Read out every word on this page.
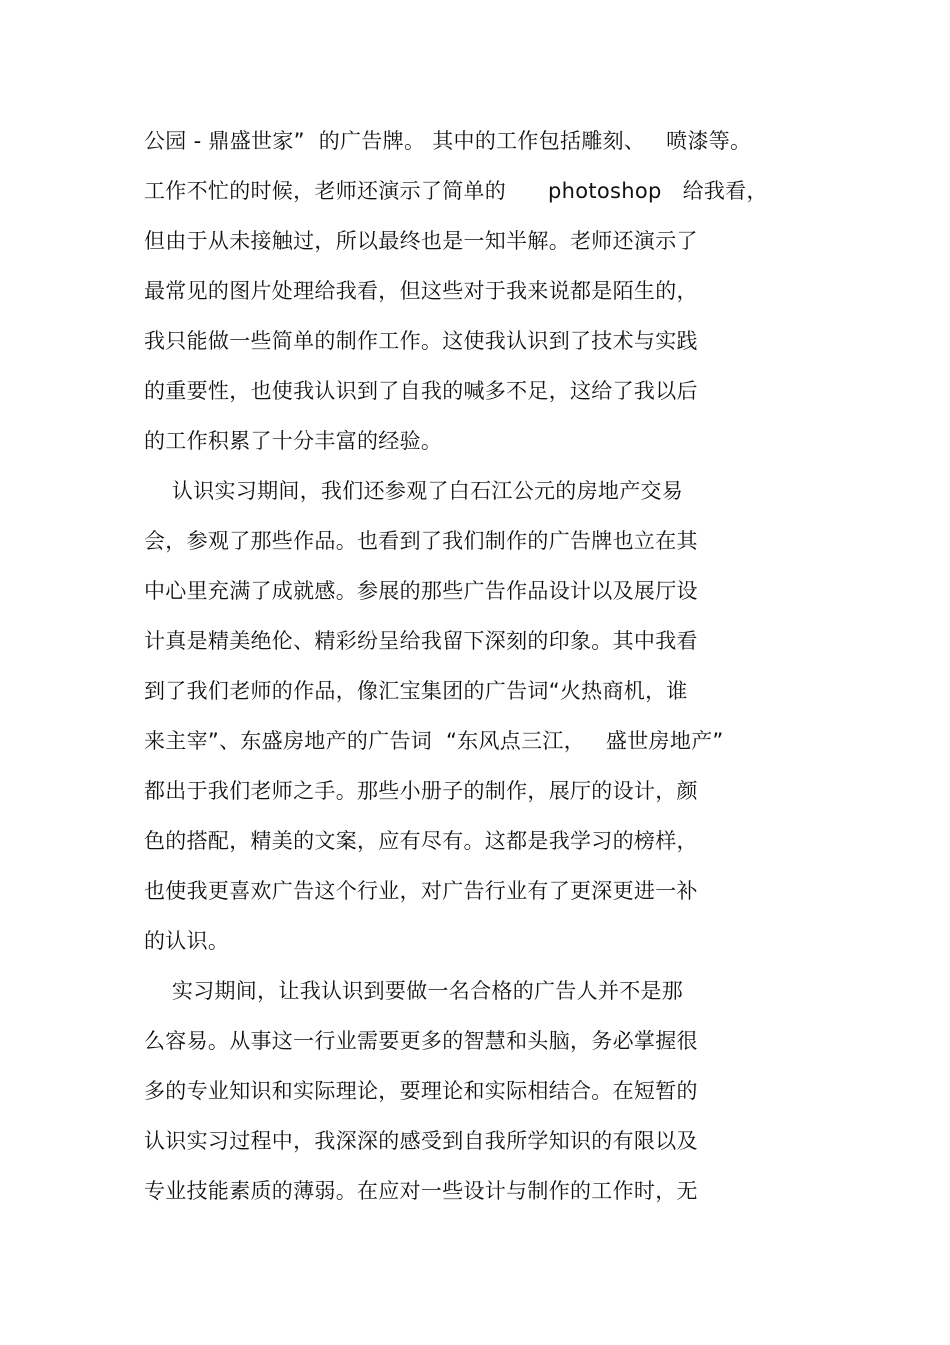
公园 - 鼎盛世家”  的广告牌。 其中的工作包括雕刻、   喷漆等。

工作不忙的时候，老师还演示了简单的      photoshop   给我看，

但由于从未接触过，所以最终也是一知半解。老师还演示了

最常见的图片处理给我看，但这些对于我来说都是陌生的，

我只能做一些简单的制作工作。这使我认识到了技术与实践

的重要性，也使我认识到了自我的喊多不足，这给了我以后

的工作积累了十分丰富的经验。

认识实习期间，我们还参观了白石江公元的房地产交易

会，参观了那些作品。也看到了我们制作的广告牌也立在其

中心里充满了成就感。参展的那些广告作品设计以及展厅设

计真是精美绝伦、精彩纷呈给我留下深刻的印象。其中我看

到了我们老师的作品，像汇宝集团的广告词“火热商机，谁

来主宰”、东盛房地产的广告词  “东风点三江，   盛世房地产”

都出于我们老师之手。那些小册子的制作，展厅的设计，颜

色的搭配，精美的文案，应有尽有。这都是我学习的榜样，

也使我更喜欢广告这个行业，对广告行业有了更深更进一补

的认识。

实习期间，让我认识到要做一名合格的广告人并不是那

么容易。从事这一行业需要更多的智慧和头脑，务必掌握很

多的专业知识和实际理论，要理论和实际相结合。在短暂的

认识实习过程中，我深深的感受到自我所学知识的有限以及

专业技能素质的薄弱。在应对一些设计与制作的工作时，无
